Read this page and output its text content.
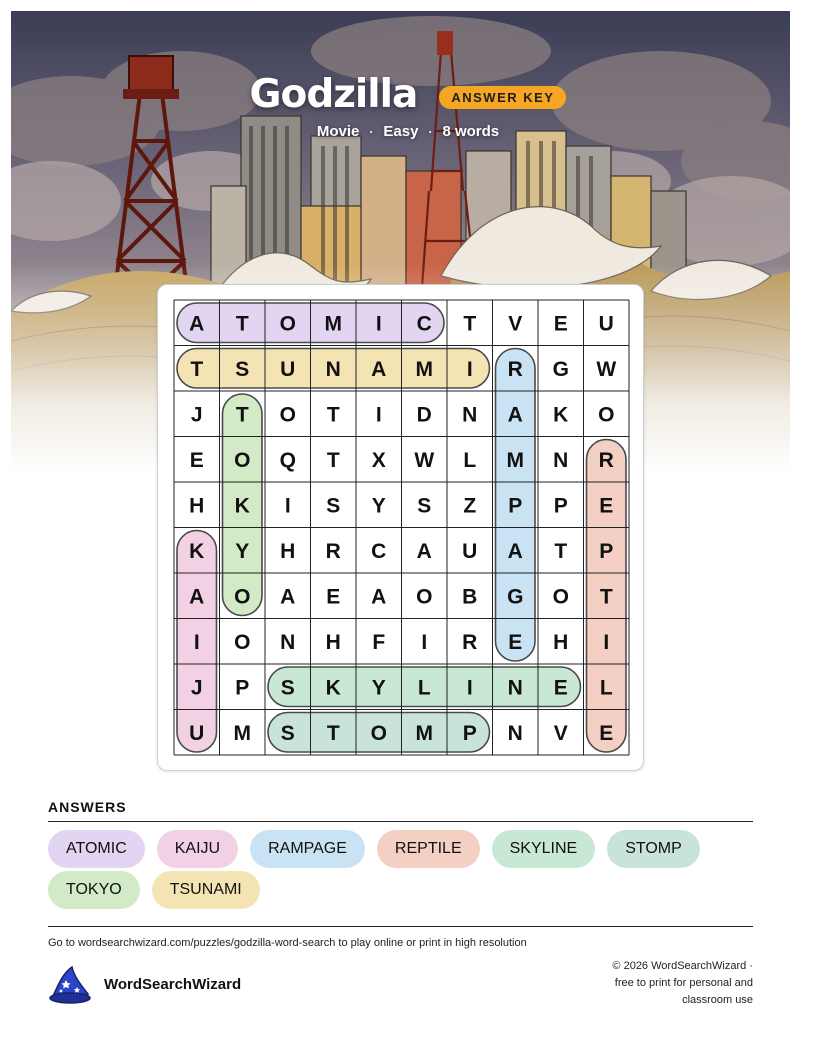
Godzilla	ANSWER KEY
Movie · Easy · 8 words
A T O M I C T V E U
T S U N A M I R G W
J T O T I D N A K O
E O Q T X W L M N R
H K I S Y S Z P P E
K Y H R C A U A T P
A O A E A O B G O T
I O N H F I R E H I
J P S K Y L I N E L
U M S T O M P N V E
ANSWERS
ATOMIC	KAIJU	RAMPAGE	REPTILE	SKYLINE	STOMP
TOKYO	TSUNAMI
Go to wordsearchwizard.com/puzzles/godzilla-word-search to play online or print in high resolution
WordSearchWizard
© 2026 WordSearchWizard ·
free to print for personal and
classroom use
